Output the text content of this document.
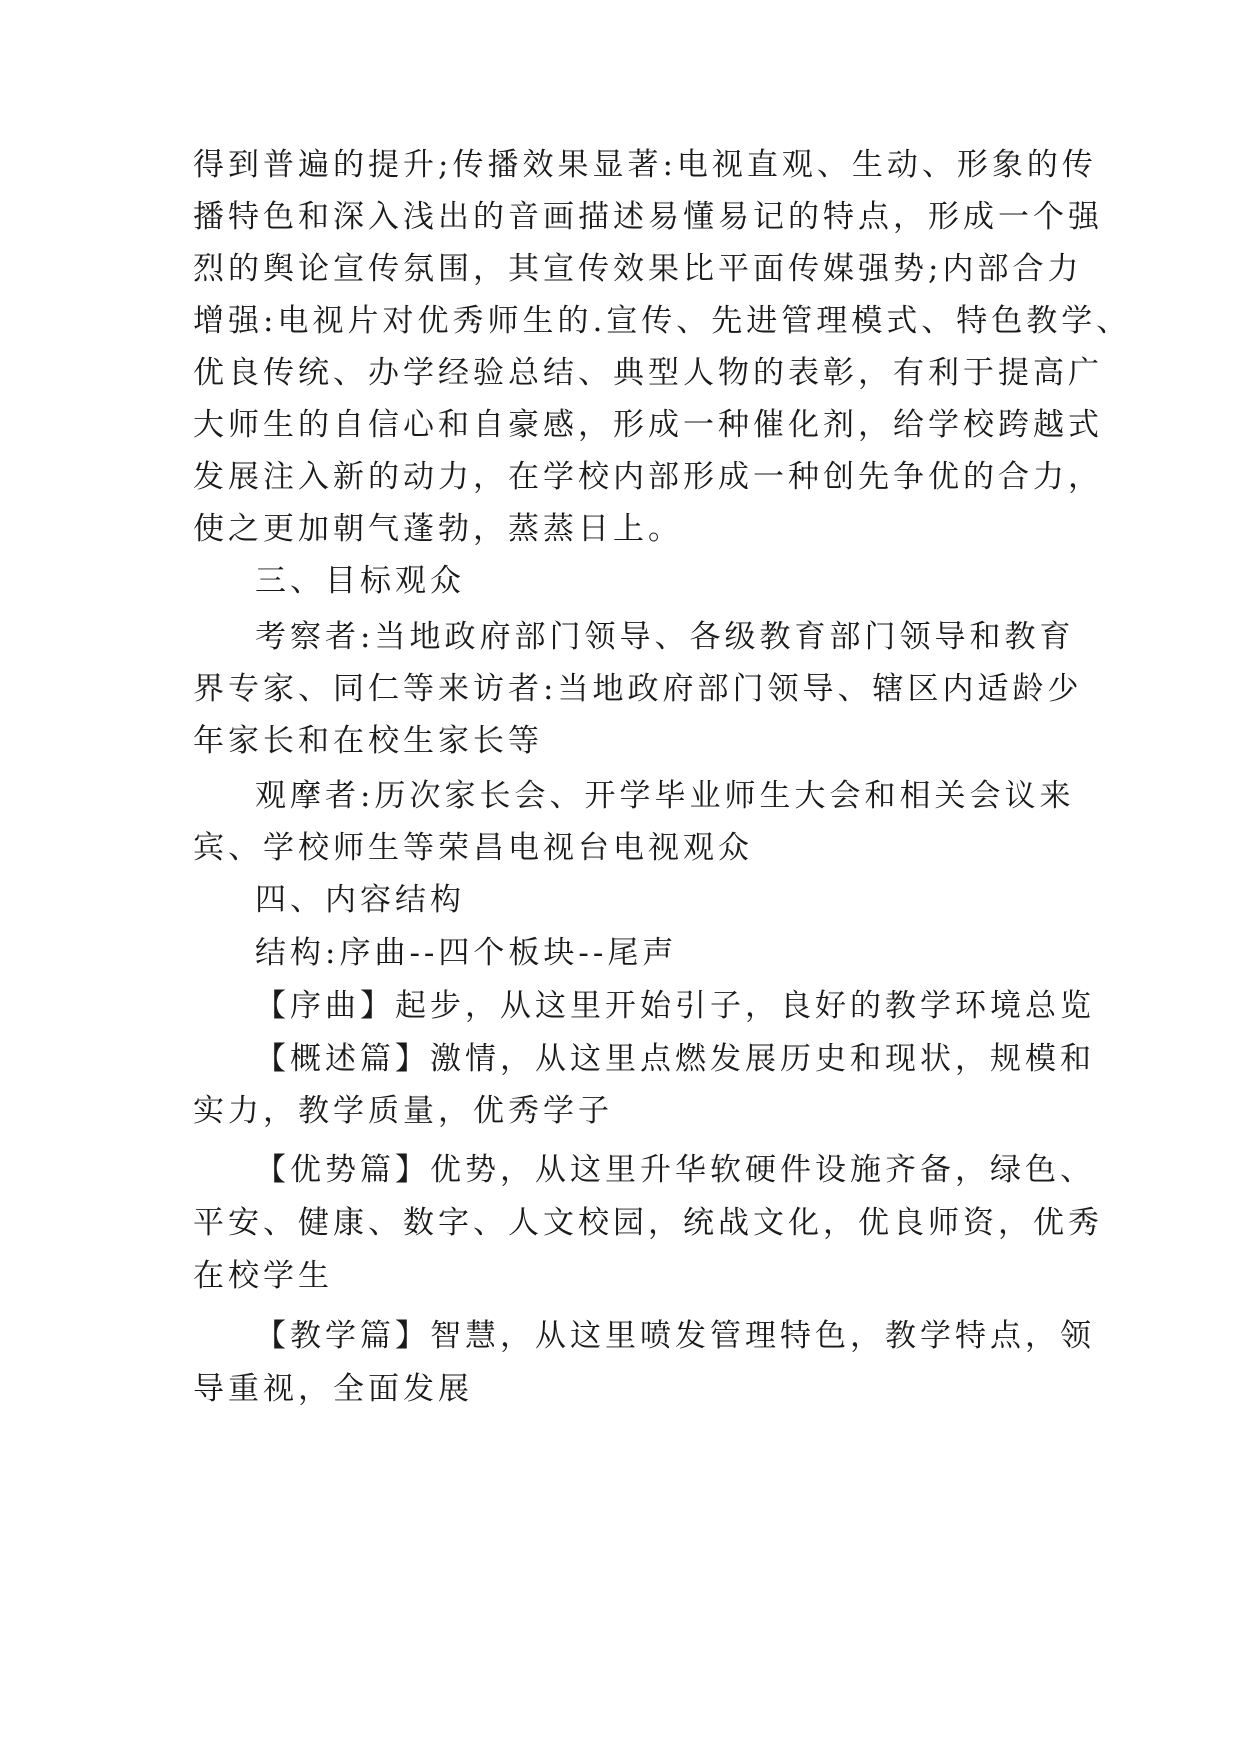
得到普遍的提升;传播效果显著:电视直观、生动、形象的传
播特色和深入浅出的音画描述易懂易记的特点，形成一个强
烈的舆论宣传氛围，其宣传效果比平面传媒强势;内部合力
增强:电视片对优秀师生的.宣传、先进管理模式、特色教学、
优良传统、办学经验总结、典型人物的表彰，有利于提高广
大师生的自信心和自豪感，形成一种催化剂，给学校跨越式
发展注入新的动力，在学校内部形成一种创先争优的合力，
使之更加朝气蓬勃，蒸蒸日上。
三、目标观众
考察者:当地政府部门领导、各级教育部门领导和教育
界专家、同仁等来访者:当地政府部门领导、辖区内适龄少
年家长和在校生家长等
观摩者:历次家长会、开学毕业师生大会和相关会议来
宾、学校师生等荣昌电视台电视观众
四、内容结构
结构:序曲--四个板块--尾声
【序曲】起步，从这里开始引子，良好的教学环境总览
【概述篇】激情，从这里点燃发展历史和现状，规模和
实力，教学质量，优秀学子
【优势篇】优势，从这里升华软硬件设施齐备，绿色、
平安、健康、数字、人文校园，统战文化，优良师资，优秀
在校学生
【教学篇】智慧，从这里喷发管理特色，教学特点，领
导重视，全面发展
